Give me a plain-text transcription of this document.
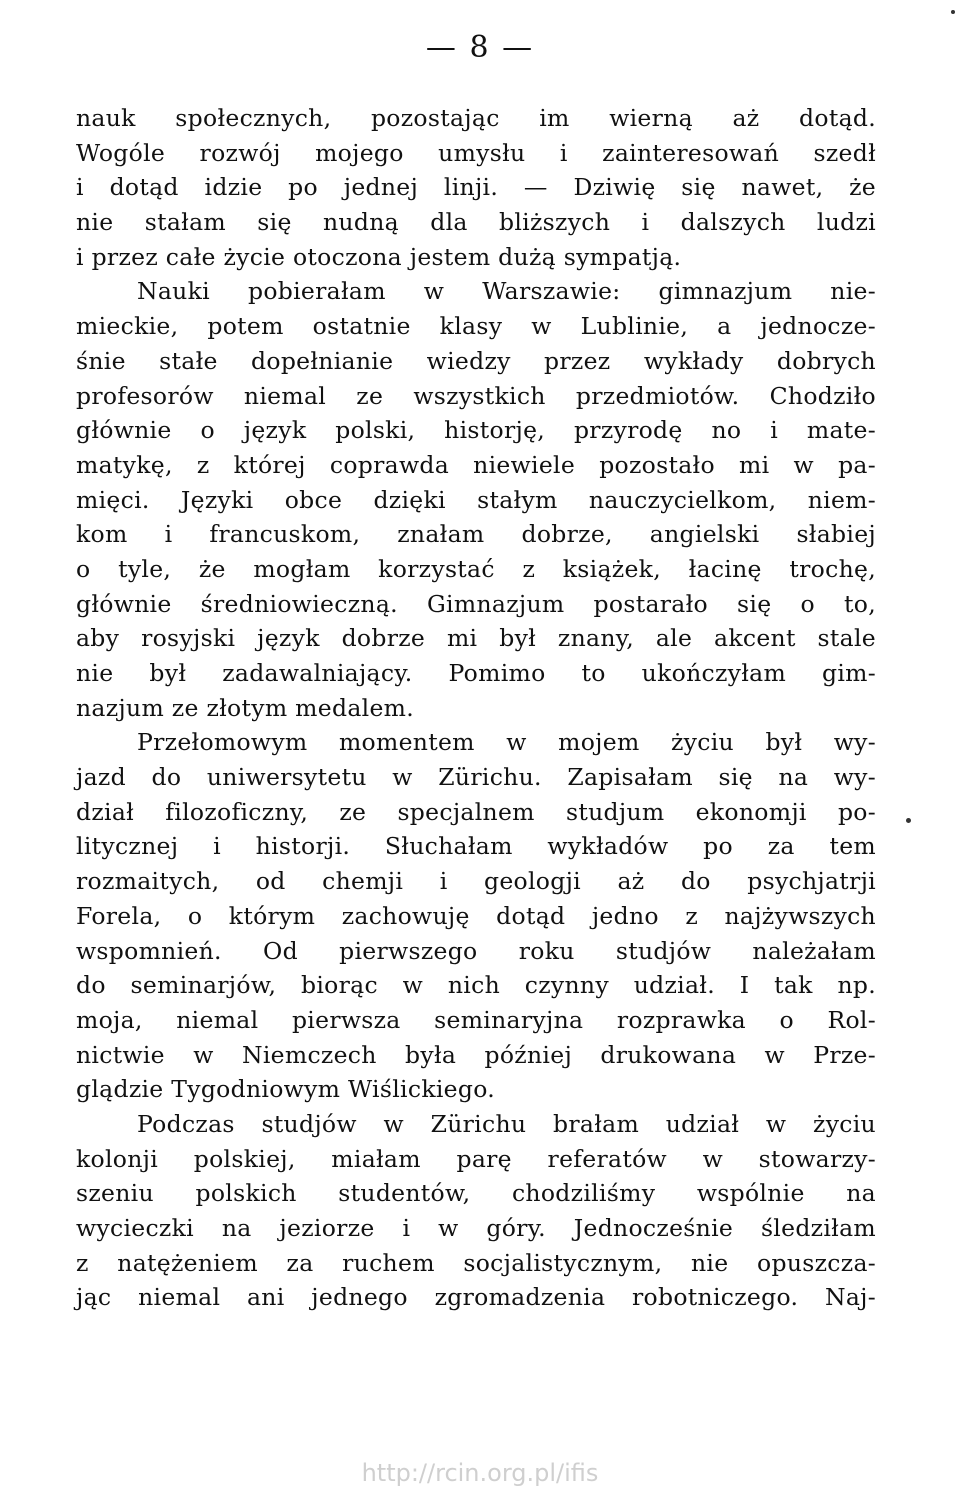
— 8 —
nauk społecznych, pozostając im wierną aż dotąd.
Wogóle rozwój mojego umysłu i zainteresowań szedł
i dotąd idzie po jednej linji. — Dziwię się nawet, że
nie stałam się nudną dla bliższych i dalszych ludzi
i przez całe życie otoczona jestem dużą sympatją.
Nauki pobierałam w Warszawie: gimnazjum nie-
mieckie, potem ostatnie klasy w Lublinie, a jednocze-
śnie stałe dopełnianie wiedzy przez wykłady dobrych
profesorów niemal ze wszystkich przedmiotów. Chodziło
głównie o język polski, historję, przyrodę no i mate-
matykę, z której coprawda niewiele pozostało mi w pa-
mięci. Języki obce dzięki stałym nauczycielkom, niem-
kom i francuskom, znałam dobrze, angielski słabiej
o tyle, że mogłam korzystać z książek, łacinę trochę,
głównie średniowieczną. Gimnazjum postarało się o to,
aby rosyjski język dobrze mi był znany, ale akcent stale
nie był zadawalniający. Pomimo to ukończyłam gim-
nazjum ze złotym medalem.
Przełomowym momentem w mojem życiu był wy-
jazd do uniwersytetu w Zürichu. Zapisałam się na wy-
dział filozoficzny, ze specjalnem studjum ekonomji po-
litycznej i historji. Słuchałam wykładów po za tem
rozmaitych, od chemji i geologji aż do psychjatrji
Forela, o którym zachowuję dotąd jedno z najżywszych
wspomnień. Od pierwszego roku studjów należałam
do seminarjów, biorąc w nich czynny udział. I tak np.
moja, niemal pierwsza seminaryjna rozprawka o Rol-
nictwie w Niemczech była później drukowana w Prze-
glądzie Tygodniowym Wiślickiego.
Podczas studjów w Zürichu brałam udział w życiu
kolonji polskiej, miałam parę referatów w stowarzy-
szeniu polskich studentów, chodziliśmy wspólnie na
wycieczki na jeziorze i w góry. Jednocześnie śledziłam
z natężeniem za ruchem socjalistycznym, nie opuszcza-
jąc niemal ani jednego zgromadzenia robotniczego. Naj-
http://rcin.org.pl/ifis
